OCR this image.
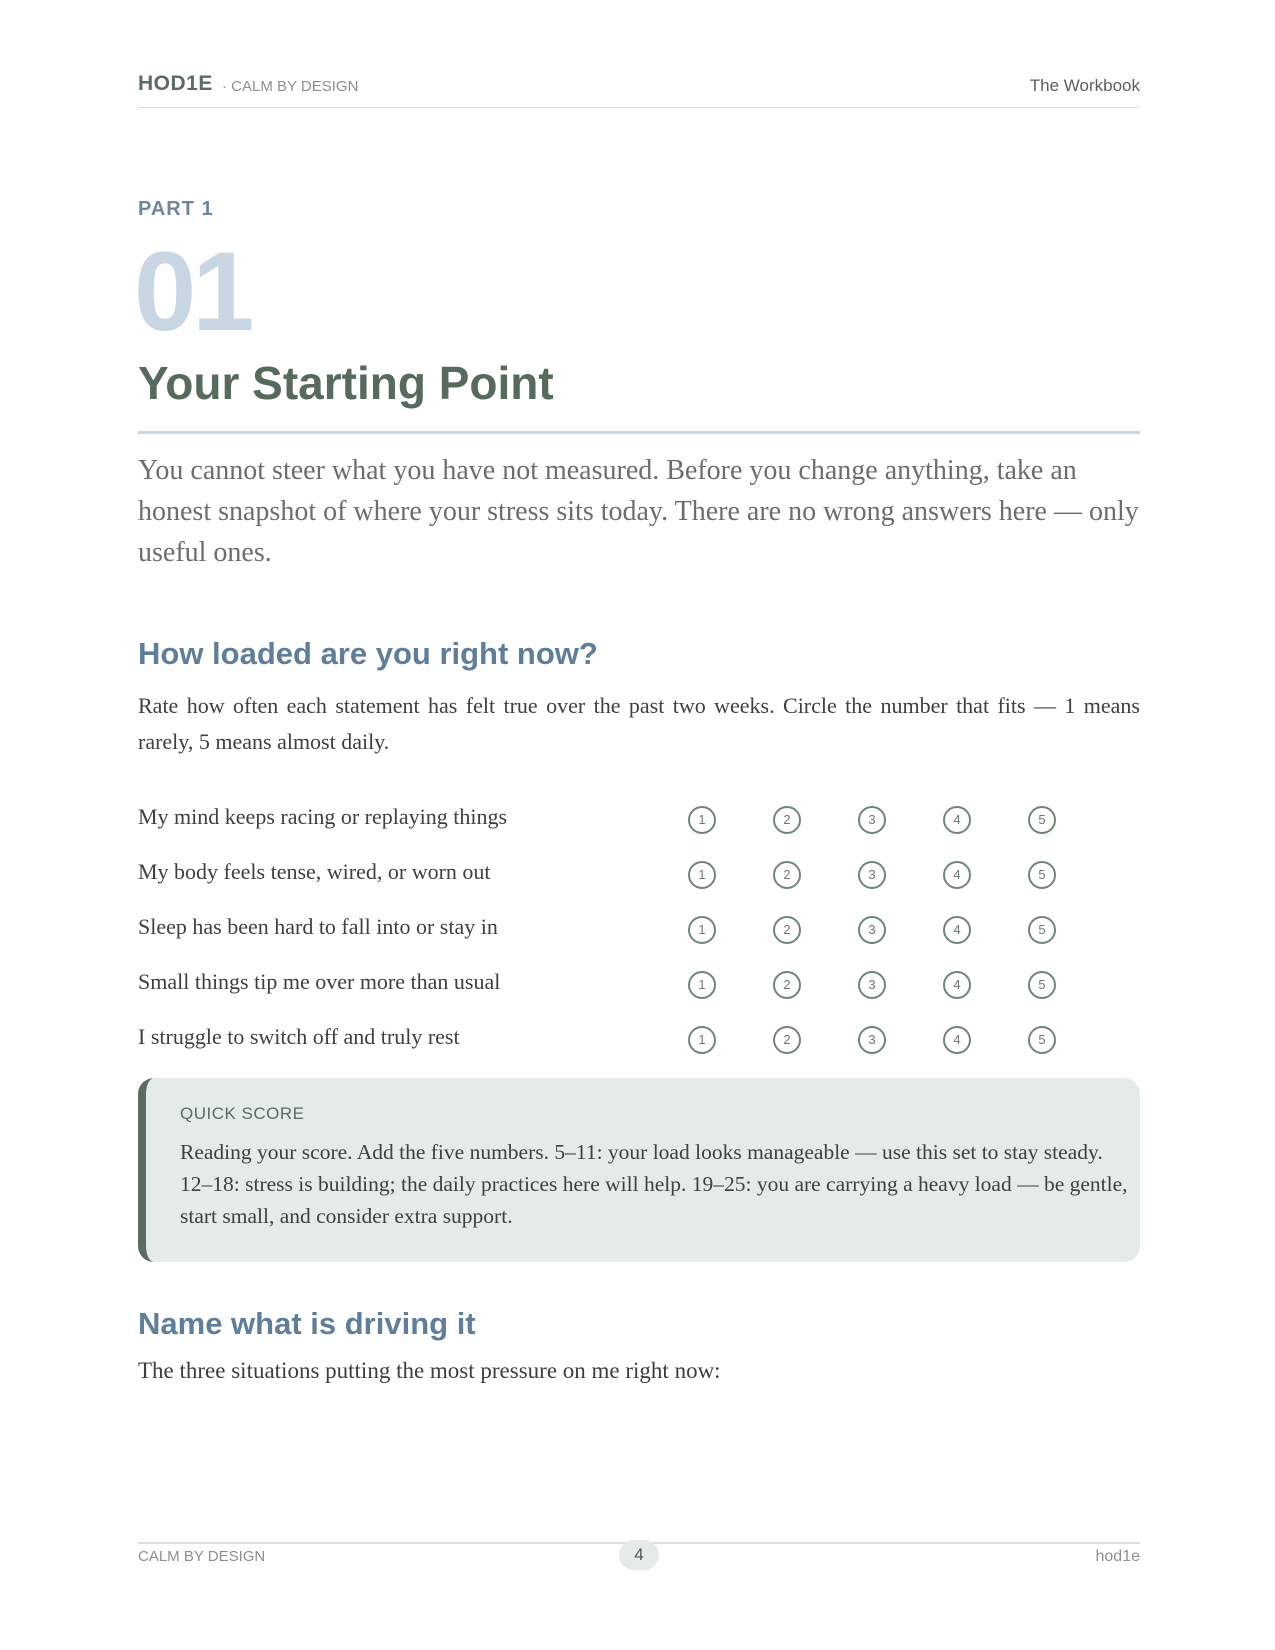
HOD1E · CALM BY DESIGN	The Workbook
PART 1
01
Your Starting Point

You cannot steer what you have not measured. Before you change anything, take an honest snapshot of where your stress sits today. There are no wrong answers here — only useful ones.

How loaded are you right now?

Rate how often each statement has felt true over the past two weeks. Circle the number that fits — 1 means rarely, 5 means almost daily.

My mind keeps racing or replaying things	1	2	3	4	5
My body feels tense, wired, or worn out	1	2	3	4	5
Sleep has been hard to fall into or stay in	1	2	3	4	5
Small things tip me over more than usual	1	2	3	4	5
I struggle to switch off and truly rest	1	2	3	4	5
QUICK SCORE

Reading your score. Add the five numbers. 5–11: your load looks manageable — use this set to stay steady. 12–18: stress is building; the daily practices here will help. 19–25: you are carrying a heavy load — be gentle, start small, and consider extra support.

Name what is driving it

The three situations putting the most pressure on me right now:

CALM BY DESIGN	4	hod1e
